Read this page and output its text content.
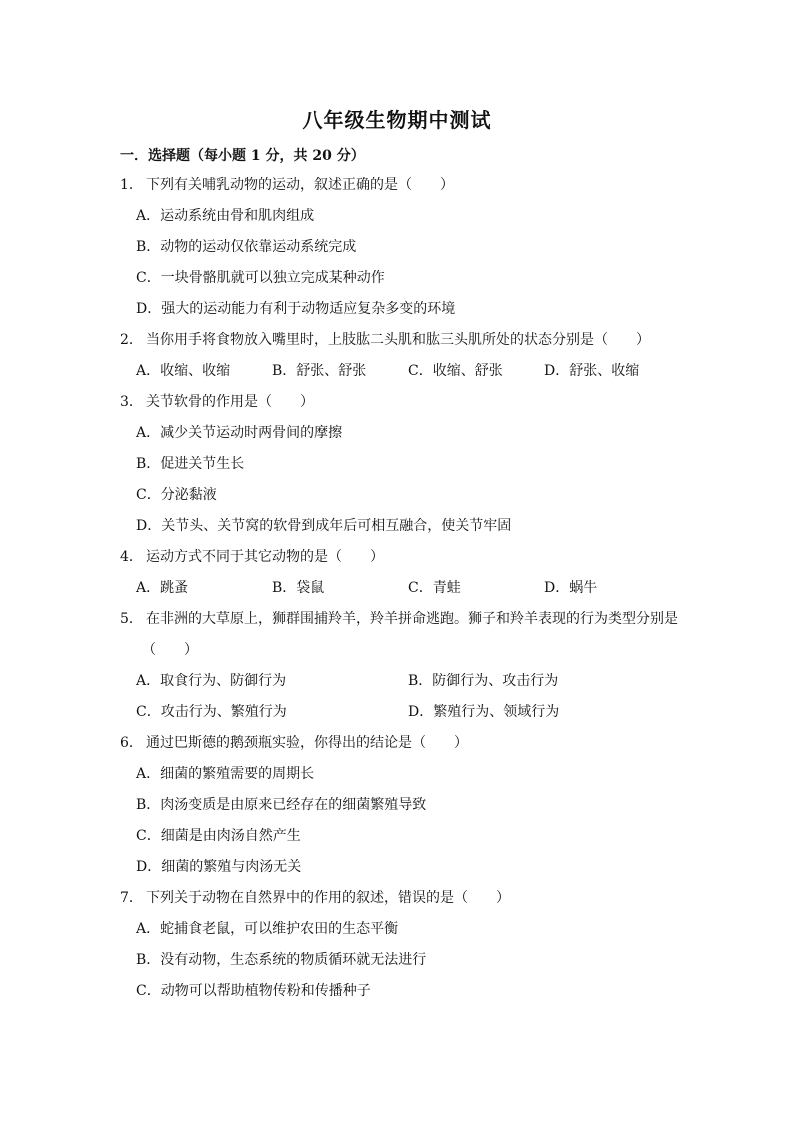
八年级生物期中测试
一．选择题（每小题 1 分，共 20 分）
1． 下列有关哺乳动物的运动，叙述正确的是（　　）
A．运动系统由骨和肌肉组成
B．动物的运动仅依靠运动系统完成
C．一块骨骼肌就可以独立完成某种动作
D．强大的运动能力有利于动物适应复杂多变的环境
2． 当你用手将食物放入嘴里时，上肢肱二头肌和肱三头肌所处的状态分别是（　　）
A．收缩、收缩	B．舒张、舒张	C．收缩、舒张	D．舒张、收缩
3． 关节软骨的作用是（　　）
A．减少关节运动时两骨间的摩擦
B．促进关节生长
C．分泌黏液
D．关节头、关节窝的软骨到成年后可相互融合，使关节牢固
4． 运动方式不同于其它动物的是（　　）
A．跳蚤	B．袋鼠	C．青蛙	D．蜗牛
5． 在非洲的大草原上，狮群围捕羚羊，羚羊拼命逃跑。狮子和羚羊表现的行为类型分别是
（　　）
A．取食行为、防御行为	B．防御行为、攻击行为
C．攻击行为、繁殖行为	D．繁殖行为、领域行为
6． 通过巴斯德的鹅颈瓶实验，你得出的结论是（　　）
A．细菌的繁殖需要的周期长
B．肉汤变质是由原来已经存在的细菌繁殖导致
C．细菌是由肉汤自然产生
D．细菌的繁殖与肉汤无关
7． 下列关于动物在自然界中的作用的叙述，错误的是（　　）
A．蛇捕食老鼠，可以维护农田的生态平衡
B．没有动物，生态系统的物质循环就无法进行
C．动物可以帮助植物传粉和传播种子
